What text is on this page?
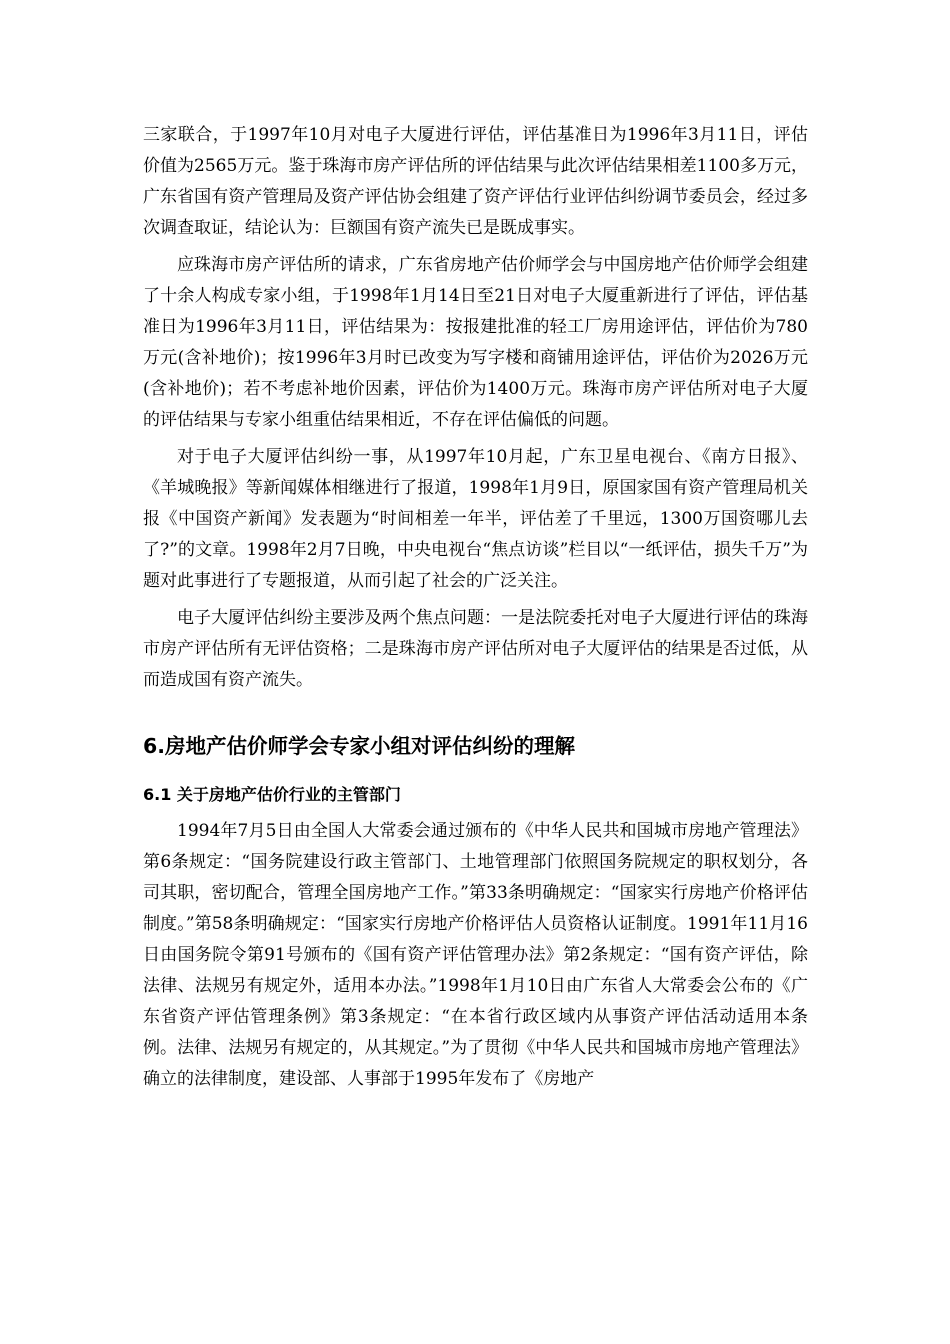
三家联合，于1997年10月对电子大厦进行评估，评估基准日为1996年3月11日，评估价值为2565万元。鉴于珠海市房产评估所的评估结果与此次评估结果相差1100多万元，广东省国有资产管理局及资产评估协会组建了资产评估行业评估纠纷调节委员会，经过多次调查取证，结论认为：巨额国有资产流失已是既成事实。

应珠海市房产评估所的请求，广东省房地产估价师学会与中国房地产估价师学会组建了十余人构成专家小组，于1998年1月14日至21日对电子大厦重新进行了评估，评估基准日为1996年3月11日，评估结果为：按报建批准的轻工厂房用途评估，评估价为780万元(含补地价)；按1996年3月时已改变为写字楼和商铺用途评估，评估价为2026万元(含补地价)；若不考虑补地价因素，评估价为1400万元。珠海市房产评估所对电子大厦的评估结果与专家小组重估结果相近，不存在评估偏低的问题。

对于电子大厦评估纠纷一事，从1997年10月起，广东卫星电视台、《南方日报》、《羊城晚报》等新闻媒体相继进行了报道，1998年1月9日，原国家国有资产管理局机关报《中国资产新闻》发表题为“时间相差一年半，评估差了千里远，1300万国资哪儿去了?”的文章。1998年2月7日晚，中央电视台“焦点访谈”栏目以“一纸评估，损失千万”为题对此事进行了专题报道，从而引起了社会的广泛关注。

电子大厦评估纠纷主要涉及两个焦点问题：一是法院委托对电子大厦进行评估的珠海市房产评估所有无评估资格；二是珠海市房产评估所对电子大厦评估的结果是否过低，从而造成国有资产流失。

6.房地产估价师学会专家小组对评估纠纷的理解
6.1 关于房地产估价行业的主管部门

1994年7月5日由全国人大常委会通过颁布的《中华人民共和国城市房地产管理法》第6条规定：“国务院建设行政主管部门、土地管理部门依照国务院规定的职权划分，各司其职，密切配合，管理全国房地产工作。”第33条明确规定：“国家实行房地产价格评估制度。”第58条明确规定：“国家实行房地产价格评估人员资格认证制度。1991年11月16日由国务院令第91号颁布的《国有资产评估管理办法》第2条规定：“国有资产评估，除法律、法规另有规定外，适用本办法。”1998年1月10日由广东省人大常委会公布的《广东省资产评估管理条例》第3条规定：“在本省行政区域内从事资产评估活动适用本条例。法律、法规另有规定的，从其规定。”为了贯彻《中华人民共和国城市房地产管理法》确立的法律制度，建设部、人事部于1995年发布了《房地产
